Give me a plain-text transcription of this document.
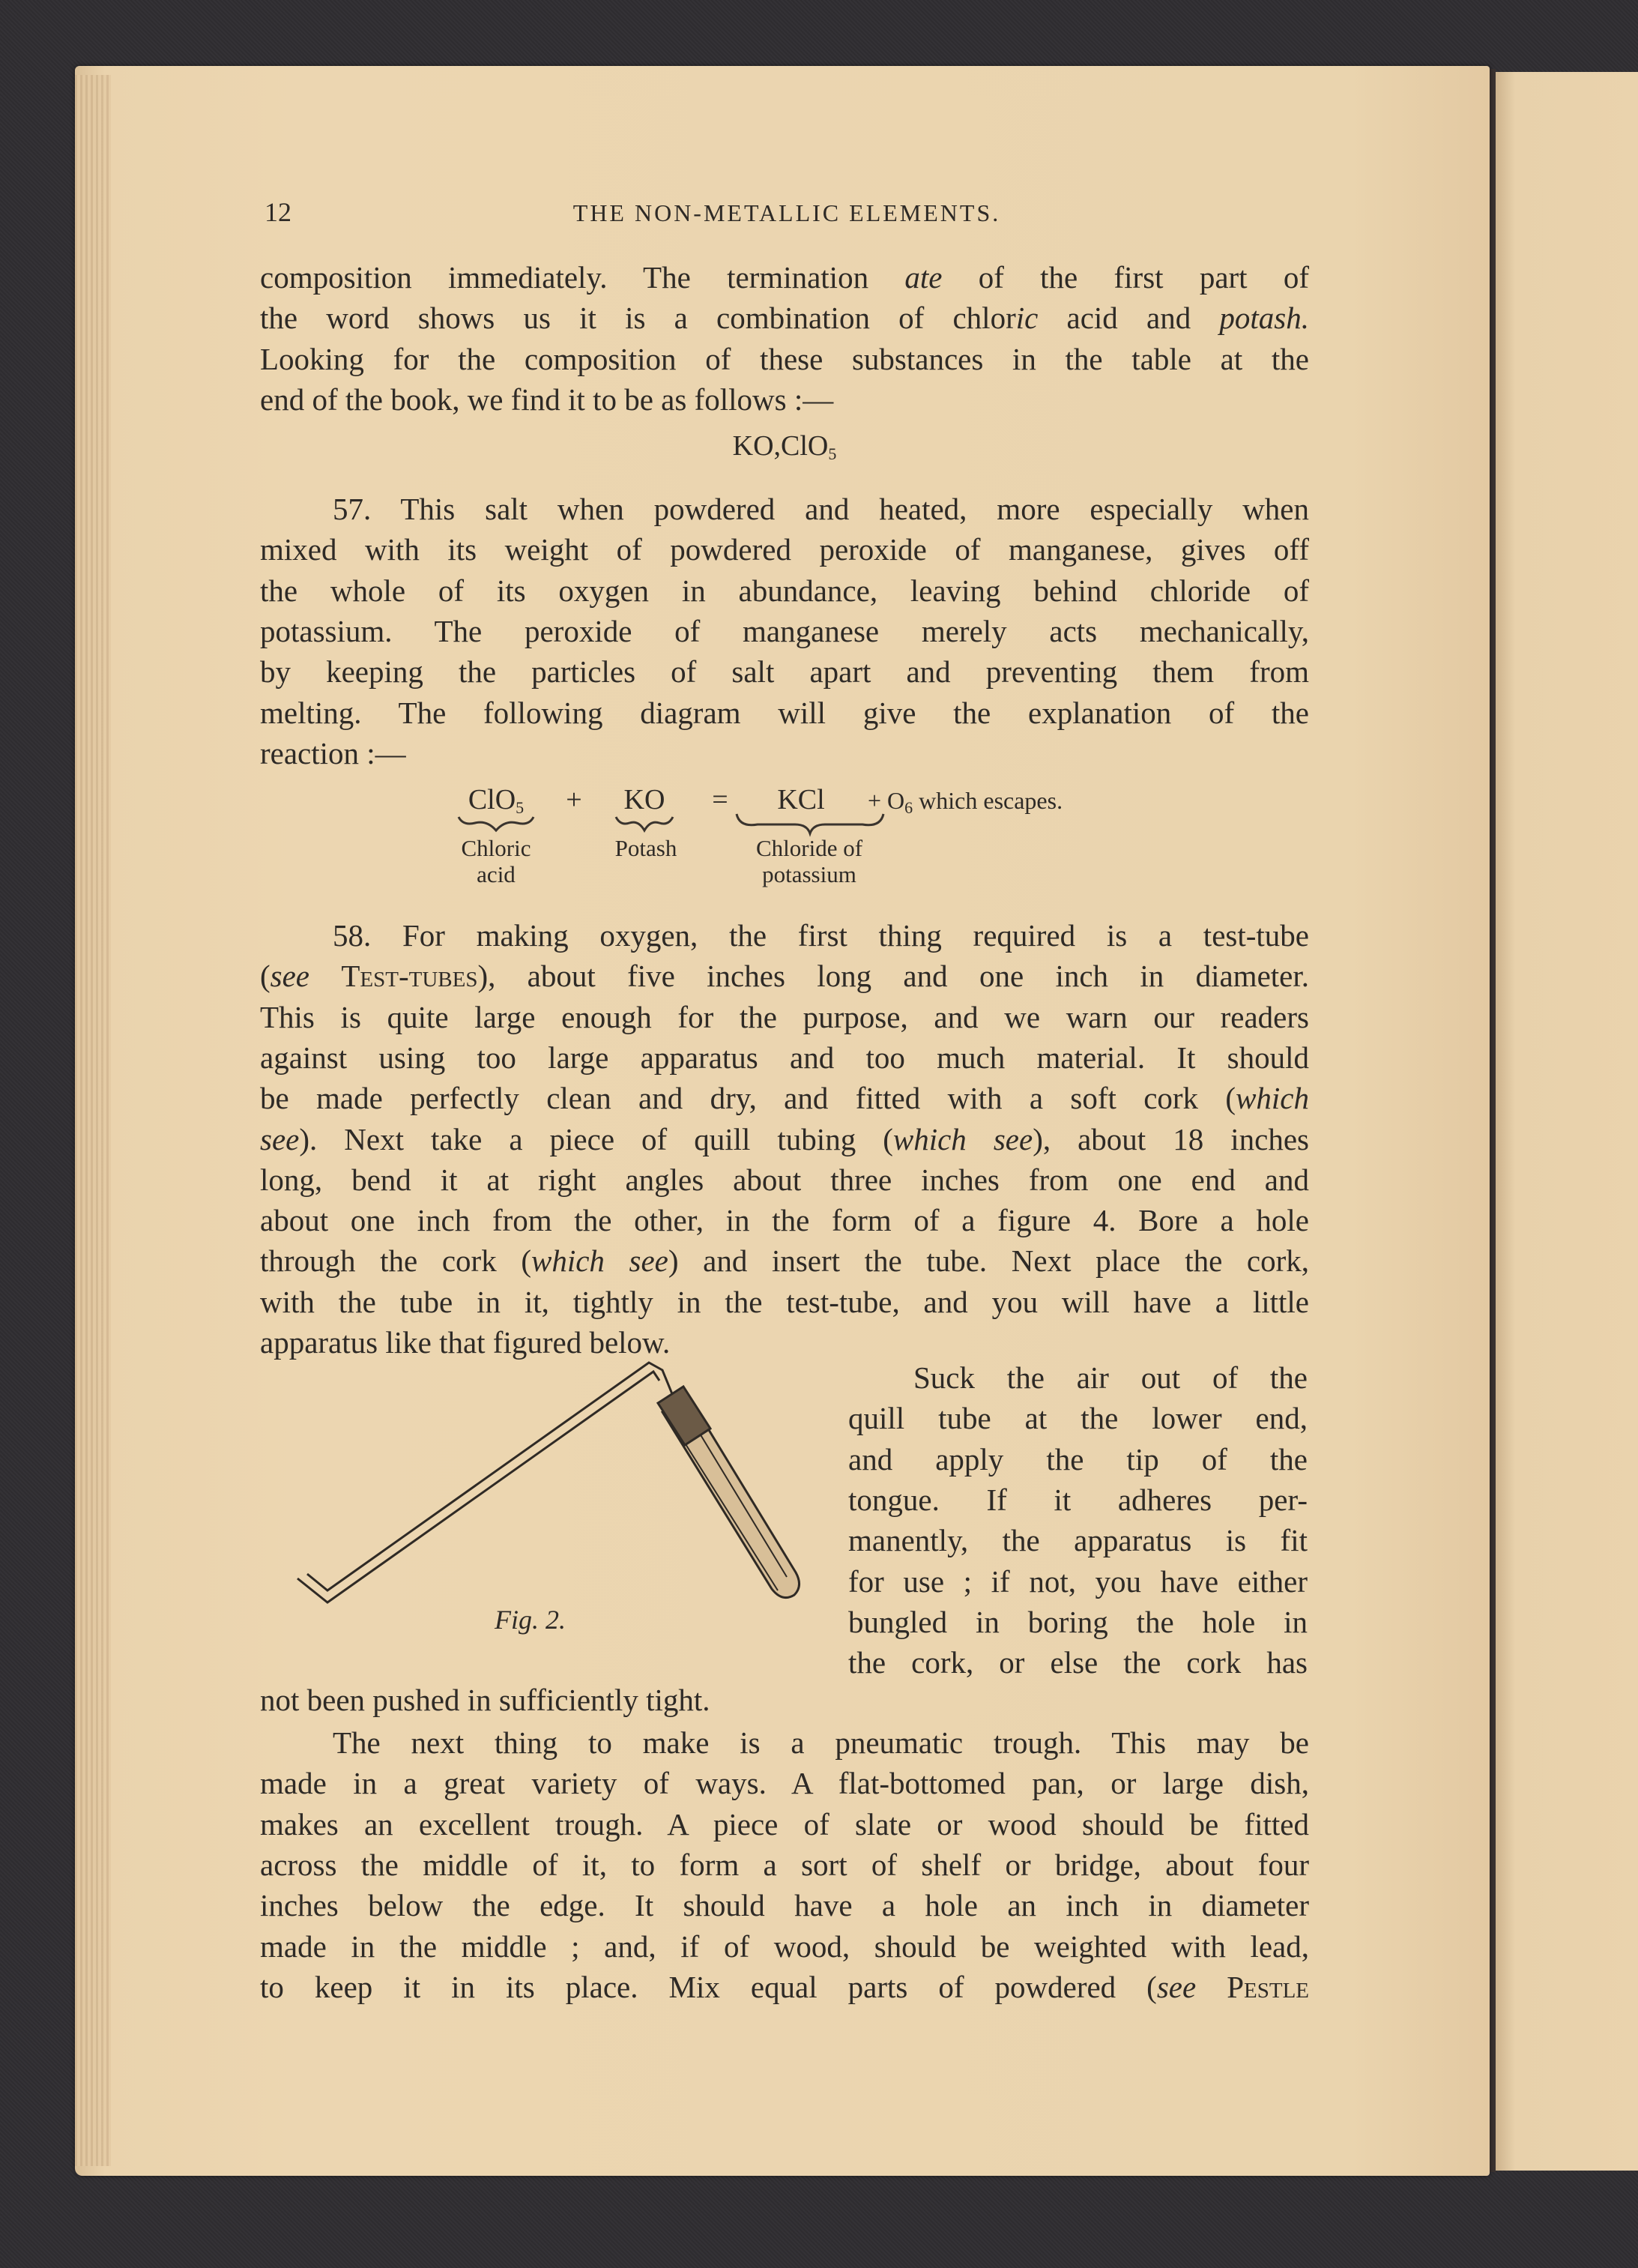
12	THE NON-METALLIC ELEMENTS.
composition immediately. The termination ate of the first part of
the word shows us it is a combination of chloric acid and potash.
Looking for the composition of these substances in the table at the
end of the book, we find it to be as follows :—
57. This salt when powdered and heated, more especially when
mixed with its weight of powdered peroxide of manganese, gives off
the whole of its oxygen in abundance, leaving behind chloride of
potassium. The peroxide of manganese merely acts mechanically,
by keeping the particles of salt apart and preventing them from
melting. The following diagram will give the explanation of the
reaction :—
58. For making oxygen, the first thing required is a test-tube
(see Test-tubes), about five inches long and one inch in diameter.
This is quite large enough for the purpose, and we warn our readers
against using too large apparatus and too much material. It should
be made perfectly clean and dry, and fitted with a soft cork (which
see). Next take a piece of quill tubing (which see), about 18 inches
long, bend it at right angles about three inches from one end and
about one inch from the other, in the form of a figure 4. Bore a hole
through the cork (which see) and insert the tube. Next place the cork,
with the tube in it, tightly in the test-tube, and you will have a little
apparatus like that figured below.
Suck the air out of the
quill tube at the lower end,
and apply the tip of the
tongue. If it adheres per-
manently, the apparatus is fit
for use ; if not, you have either
bungled in boring the hole in
the cork, or else the cork has
not been pushed in sufficiently tight.
The next thing to make is a pneumatic trough. This may be
made in a great variety of ways. A flat-bottomed pan, or large dish,
makes an excellent trough. A piece of slate or wood should be fitted
across the middle of it, to form a sort of shelf or bridge, about four
inches below the edge. It should have a hole an inch in diameter
made in the middle ; and, if of wood, should be weighted with lead,
to keep it in its place. Mix equal parts of powdered (see Pestle
KO,ClO$_5$
ClO$_5$ + KO = KCl + $O_6$ which escapes.
Chloric
acid
Potash	Chloride of
potassium
Fig. 2.
